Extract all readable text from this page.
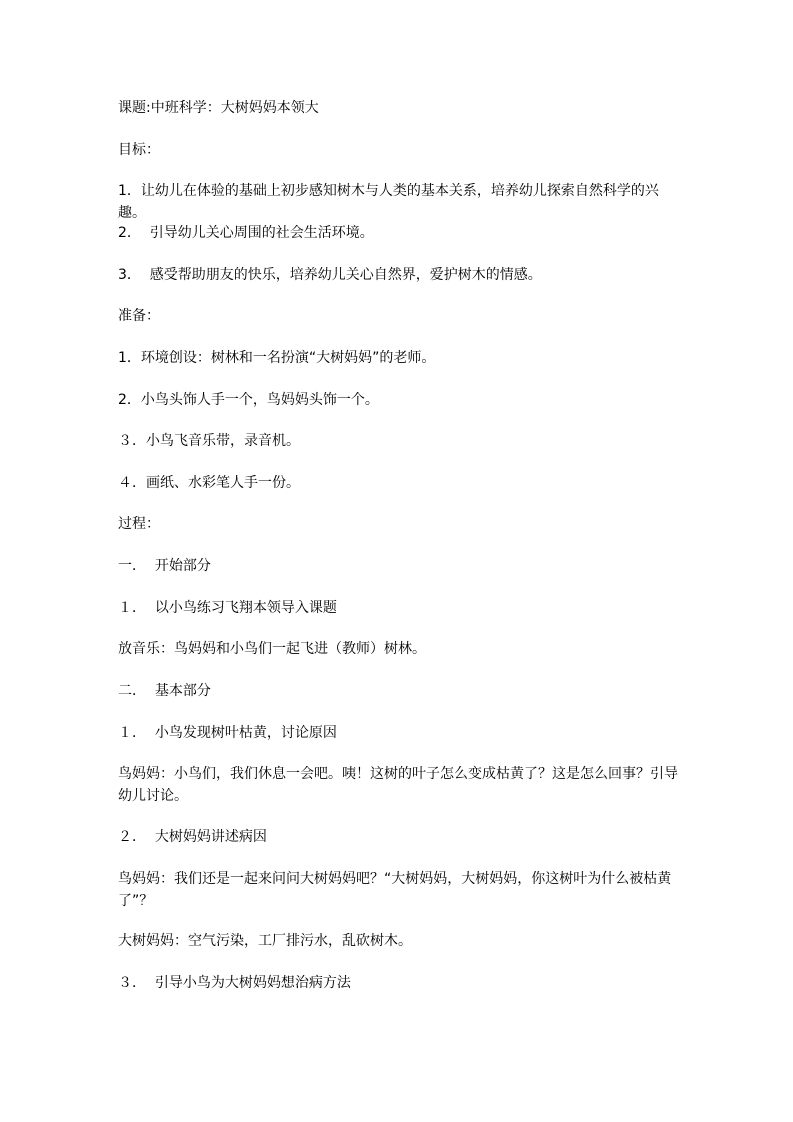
课题:中班科学：大树妈妈本领大

目标：

1．让幼儿在体验的基础上初步感知树木与人类的基本关系，培养幼儿探索自然科学的兴趣。

2．  引导幼儿关心周围的社会生活环境。

3．  感受帮助朋友的快乐，培养幼儿关心自然界，爱护树木的情感。

准备：

1．环境创设：树林和一名扮演“大树妈妈”的老师。

2．小鸟头饰人手一个，鸟妈妈头饰一个。

３．小鸟飞音乐带，录音机。

４．画纸、水彩笔人手一份。

过程：

一．  开始部分

１．  以小鸟练习飞翔本领导入课题

放音乐：鸟妈妈和小鸟们一起飞进（教师）树林。

二．  基本部分

１．  小鸟发现树叶枯黄，讨论原因

鸟妈妈：小鸟们，我们休息一会吧。咦！这树的叶子怎么变成枯黄了？这是怎么回事？引导幼儿讨论。

２．  大树妈妈讲述病因

鸟妈妈：我们还是一起来问问大树妈妈吧？“大树妈妈，大树妈妈，你这树叶为什么被枯黄了”？

大树妈妈：空气污染，工厂排污水，乱砍树木。

３．  引导小鸟为大树妈妈想治病方法
